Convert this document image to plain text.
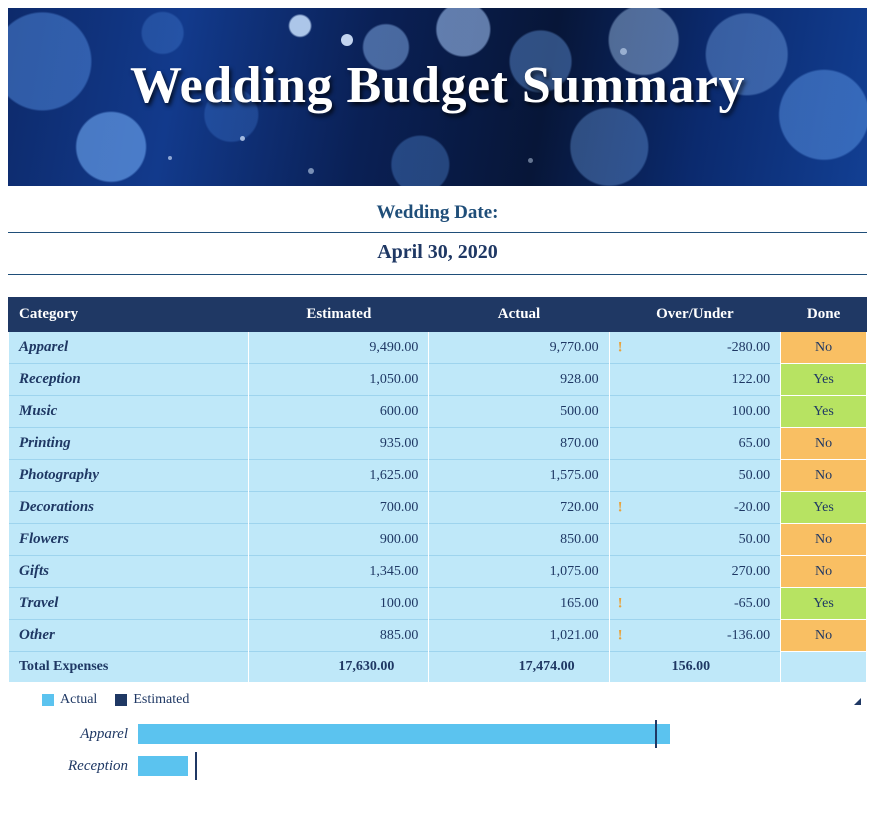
Wedding Budget Summary
Wedding Date:
April 30, 2020
Category	Estimated	Actual	Over/Under	Done
Apparel	9,490.00	9,770.00	! -280.00	No
Reception	1,050.00	928.00	122.00	Yes
Music	600.00	500.00	100.00	Yes
Printing	935.00	870.00	65.00	No
Photography	1,625.00	1,575.00	50.00	No
Decorations	700.00	720.00	! -20.00	Yes
Flowers	900.00	850.00	50.00	No
Gifts	1,345.00	1,075.00	270.00	No
Travel	100.00	165.00	! -65.00	Yes
Other	885.00	1,021.00	! -136.00	No
Total Expenses	17,630.00	17,474.00	156.00	
Actual	Estimated
Apparel
Reception
